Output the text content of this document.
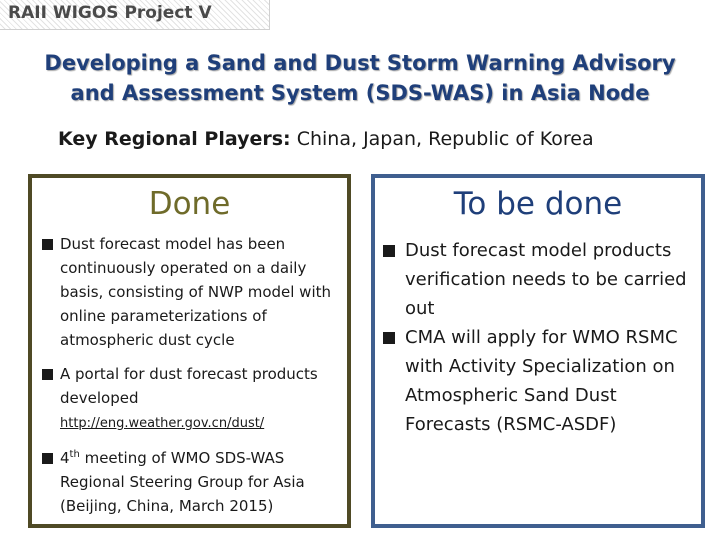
RAII WIGOS Project V
Developing a Sand and Dust Storm Warning Advisory
and Assessment System (SDS-WAS) in Asia Node
Key Regional Players: China, Japan, Republic of Korea
Done
Dust forecast model has been continuously operated on a daily basis, consisting of NWP model with online parameterizations of atmospheric dust cycle
A portal for dust forecast products developed
http://eng.weather.gov.cn/dust/
4th meeting of WMO SDS-WAS Regional Steering Group for Asia (Beijing, China, March 2015)
To be done
Dust forecast model products verification needs to be carried out
CMA will apply for WMO RSMC with Activity Specialization on Atmospheric Sand Dust Forecasts (RSMC-ASDF)
